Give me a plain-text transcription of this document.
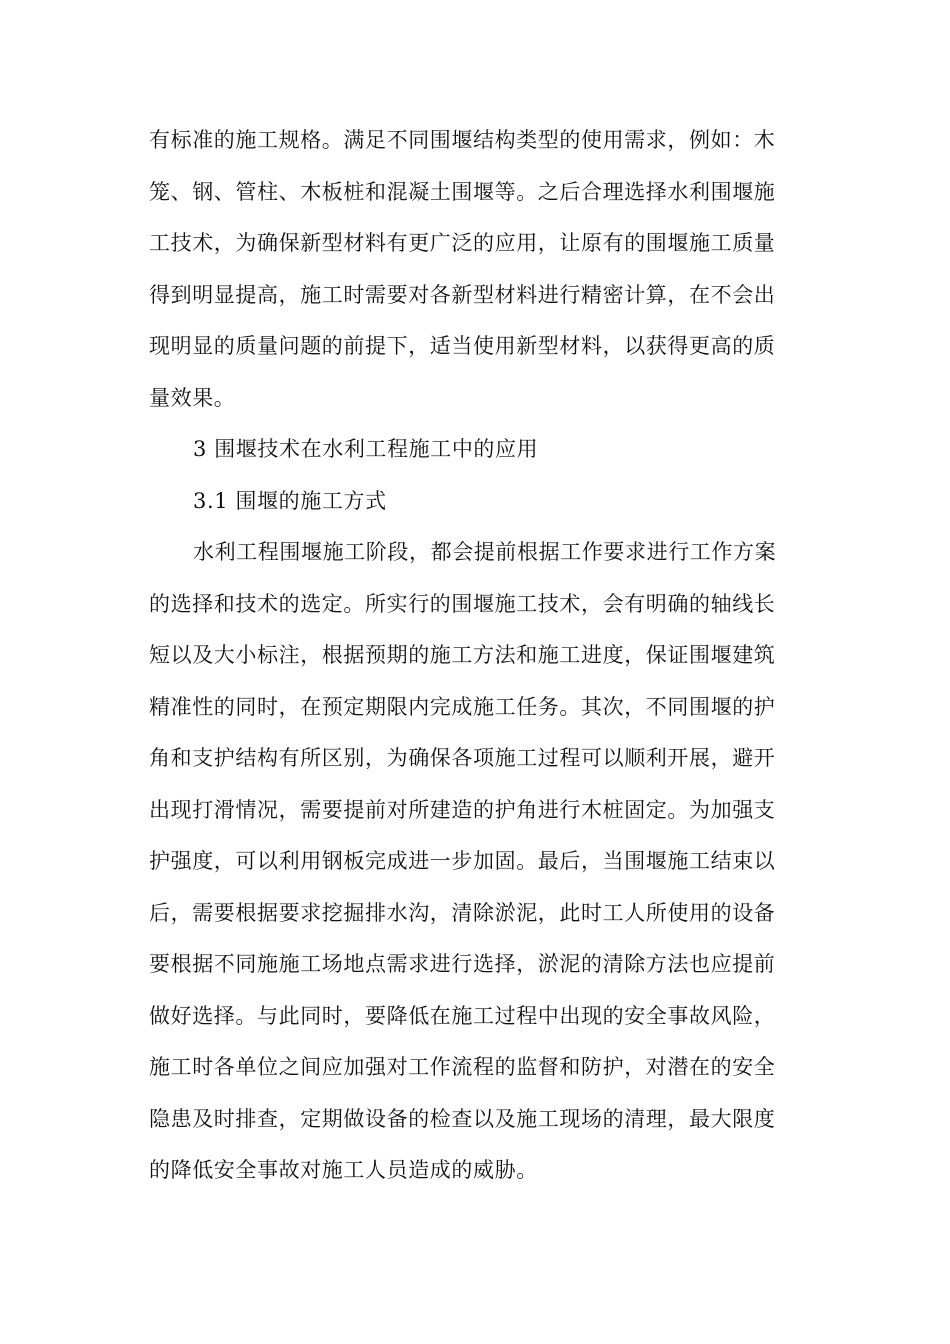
有标准的施工规格。满足不同围堰结构类型的使用需求，例如：木
笼、钢、管柱、木板桩和混凝土围堰等。之后合理选择水利围堰施
工技术，为确保新型材料有更广泛的应用，让原有的围堰施工质量
得到明显提高，施工时需要对各新型材料进行精密计算，在不会出
现明显的质量问题的前提下，适当使用新型材料，以获得更高的质
量效果。
3 围堰技术在水利工程施工中的应用
3.1 围堰的施工方式
水利工程围堰施工阶段，都会提前根据工作要求进行工作方案
的选择和技术的选定。所实行的围堰施工技术，会有明确的轴线长
短以及大小标注，根据预期的施工方法和施工进度，保证围堰建筑
精准性的同时，在预定期限内完成施工任务。其次，不同围堰的护
角和支护结构有所区别，为确保各项施工过程可以顺利开展，避开
出现打滑情况，需要提前对所建造的护角进行木桩固定。为加强支
护强度，可以利用钢板完成进一步加固。最后，当围堰施工结束以
后，需要根据要求挖掘排水沟，清除淤泥，此时工人所使用的设备
要根据不同施施工场地点需求进行选择，淤泥的清除方法也应提前
做好选择。与此同时，要降低在施工过程中出现的安全事故风险，
施工时各单位之间应加强对工作流程的监督和防护，对潜在的安全
隐患及时排查，定期做设备的检查以及施工现场的清理，最大限度
的降低安全事故对施工人员造成的威胁。
